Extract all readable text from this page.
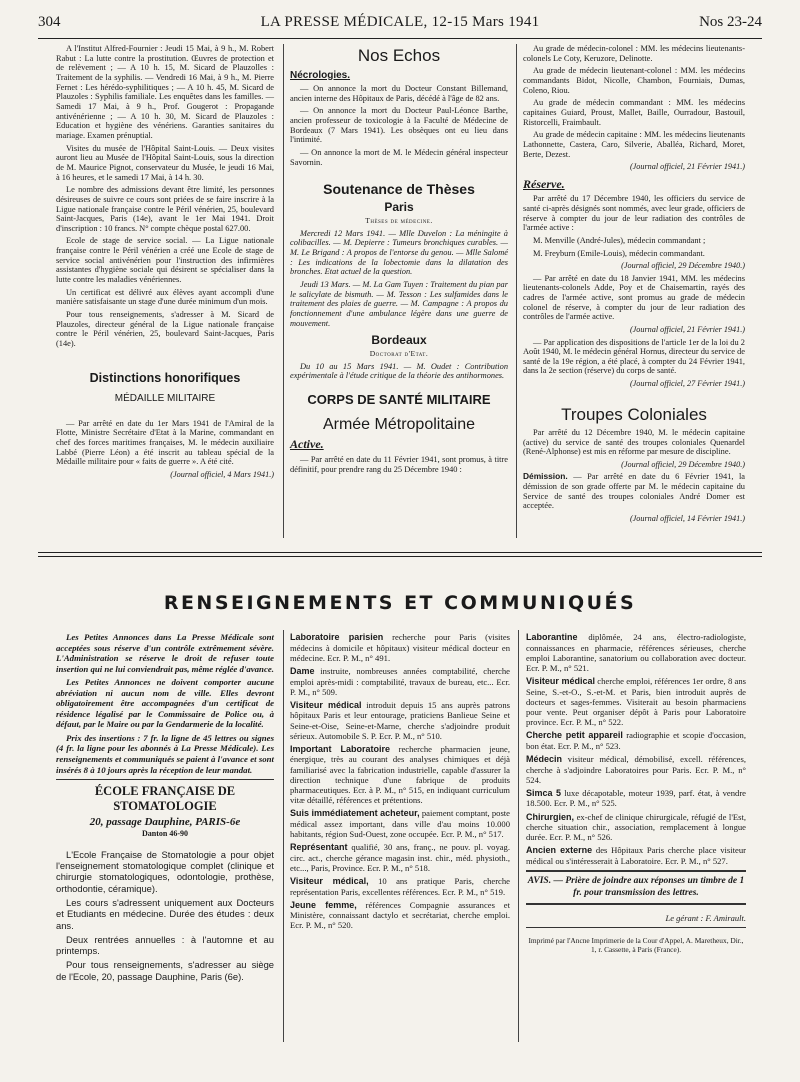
304	LA PRESSE MÉDICALE, 12-15 Mars 1941	Nos 23-24

A l'Institut Alfred-Fournier : Jeudi 15 Mai, à 9 h., M. Robert Rabut : La lutte contre la prostitution. Œuvres de protection et de relèvement ; — A 10 h. 15, M. Sicard de Plauzolles : Traitement de la syphilis. — Vendredi 16 Mai, à 9 h., M. Pierre Fernet : Les hérédo-syphilitiques ; — A 10 h. 45, M. Sicard de Plauzoles : Syphilis familiale. Les enquêtes dans les familles. — Samedi 17 Mai, à 9 h., Prof. Gougerot : Propagande antivénérienne ; — A 10 h. 30, M. Sicard de Plauzoles : Education et hygiène des vénériens. Garanties sanitaires du mariage. Examen prénuptial.

Visites du musée de l'Hôpital Saint-Louis. — Deux visites auront lieu au Musée de l'Hôpital Saint-Louis, sous la direction de M. Maurice Pignot, conservateur du Musée, le jeudi 16 Mai, à 16 heures, et le samedi 17 Mai, à 14 h. 30.

Le nombre des admissions devant être limité, les personnes désireuses de suivre ce cours sont priées de se faire inscrire à la Ligue nationale française contre le Péril vénérien, 25, boulevard Saint-Jacques, Paris (14e), avant le 1er Mai 1941. Droit d'inscription : 10 francs. N° compte chèque postal 627.00.

Ecole de stage de service social. — La Ligue nationale française contre le Péril vénérien a créé une Ecole de stage de service social antivénérien pour l'instruction des infirmières assistantes d'hygiène sociale qui désirent se spécialiser dans la lutte contre les maladies vénériennes.

Un certificat est délivré aux élèves ayant accompli d'une manière satisfaisante un stage d'une durée minimum d'un mois.

Pour tous renseignements, s'adresser à M. Sicard de Plauzoles, directeur général de la Ligue nationale française contre le Péril vénérien, 25, boulevard Saint-Jacques, Paris (14e).

Distinctions honorifiques
MÉDAILLE MILITAIRE

— Par arrêté en date du 1er Mars 1941 de l'Amiral de la Flotte, Ministre Secrétaire d'Etat à la Marine, commandant en chef des forces maritimes françaises, M. le médecin auxiliaire Labbé (Pierre Léon) a été inscrit au tableau spécial de la Médaille militaire pour « faits de guerre ». A été cité.

(Journal officiel, 4 Mars 1941.)
Nos Echos
Nécrologies.

— On annonce la mort du Docteur Constant Billemand, ancien interne des Hôpitaux de Paris, décédé à l'âge de 82 ans.

— On annonce la mort du Docteur Paul-Léonce Barthe, ancien professeur de toxicologie à la Faculté de Médecine de Bordeaux (7 Mars 1941). Les obsèques ont eu lieu dans l'intimité.

— On annonce la mort de M. le Médecin général inspecteur Savornin.

Soutenance de Thèses
Paris
Thèses de médecine.

Mercredi 12 Mars 1941. — Mlle Duvelon : La méningite à colibacilles. — M. Depierre : Tumeurs bronchiques curables. — M. Le Brigand : A propos de l'entorse du genou. — Mlle Salomé : Les indications de la lobectomie dans la dilatation des bronches. Etat actuel de la question.

Jeudi 13 Mars. — M. La Gam Tuyen : Traitement du pian par le salicylate de bismuth. — M. Tesson : Les sulfamides dans le traitement des plaies de guerre. — M. Campagne : A propos du fonctionnement d'une ambulance légère dans une guerre de mouvement.

Bordeaux
Doctorat d'Etat.

Du 10 au 15 Mars 1941. — M. Oudet : Contribution expérimentale à l'étude critique de la théorie des antihormones.

CORPS DE SANTÉ MILITAIRE
Armée Métropolitaine
Active.

— Par arrêté en date du 11 Février 1941, sont promus, à titre définitif, pour prendre rang du 25 Décembre 1940 :

Au grade de médecin-colonel : MM. les médecins lieutenants-colonels Le Coty, Keruzore, Delinotte.

Au grade de médecin lieutenant-colonel : MM. les médecins commandants Bidot, Nicolle, Chambon, Fourniais, Dumas, Coleno, Riou.

Au grade de médecin commandant : MM. les médecins capitaines Guiard, Proust, Mallet, Baille, Ourradour, Bastouil, Ristorcelli, Fraimbault.

Au grade de médecin capitaine : MM. les médecins lieutenants Lathonnette, Castera, Caro, Silverie, Aballéa, Richard, Moret, Berte, Dezest.

(Journal officiel, 21 Février 1941.)
Réserve.

Par arrêté du 17 Décembre 1940, les officiers du service de santé ci-après désignés sont nommés, avec leur grade, officiers de réserve à compter du jour de leur radiation des contrôles de l'armée active :

M. Menville (André-Jules), médecin commandant ;

M. Freyburn (Emile-Louis), médecin commandant.

(Journal officiel, 29 Décembre 1940.)

— Par arrêté en date du 18 Janvier 1941, MM. les médecins lieutenants-colonels Adde, Poy et de Chaisemartin, rayés des cadres de l'armée active, sont promus au grade de médecin colonel de réserve, à compter du jour de leur radiation des contrôles de l'armée active.

(Journal officiel, 21 Février 1941.)

— Par application des dispositions de l'article 1er de la loi du 2 Août 1940, M. le médecin général Hornus, directeur du service de santé de la 19e région, a été placé, à compter du 24 Février 1941, dans la 2e section (réserve) du corps de santé.

(Journal officiel, 27 Février 1941.)
Troupes Coloniales

Par arrêté du 12 Décembre 1940, M. le médecin capitaine (active) du service de santé des troupes coloniales Quenardel (René-Alphonse) est mis en réforme par mesure de discipline.

(Journal officiel, 29 Décembre 1940.)

Démission. — Par arrêté en date du 6 Février 1941, la démission de son grade offerte par M. le médecin capitaine du Service de santé des troupes coloniales André Domer est acceptée.

(Journal officiel, 14 Février 1941.)
RENSEIGNEMENTS ET COMMUNIQUÉS

Les Petites Annonces dans La Presse Médicale sont acceptées sous réserve d'un contrôle extrêmement sévère. L'Administration se réserve le droit de refuser toute insertion qui ne lui conviendrait pas, même réglée d'avance.

Les Petites Annonces ne doivent comporter aucune abréviation ni aucun nom de ville. Elles devront obligatoirement être accompagnées d'un certificat de résidence légalisé par le Commissaire de Police ou, à défaut, par le Maire ou par la Gendarmerie de la localité.

Prix des insertions : 7 fr. la ligne de 45 lettres ou signes (4 fr. la ligne pour les abonnés à La Presse Médicale). Les renseignements et communiqués se paient à l'avance et sont insérés 8 à 10 jours après la réception de leur mandat.

ÉCOLE FRANÇAISE DE STOMATOLOGIE
20, passage Dauphine, PARIS-6e
Danton 46-90

L'Ecole Française de Stomatologie a pour objet l'enseignement stomatologique complet (clinique et chirurgie stomatologiques, odontologie, prothèse, orthodontie, céramique).

Les cours s'adressent uniquement aux Docteurs et Etudiants en médecine. Durée des études : deux ans.

Deux rentrées annuelles : à l'automne et au printemps.

Pour tous renseignements, s'adresser au siège de l'Ecole, 20, passage Dauphine, Paris (6e).

Laboratoire parisien recherche pour Paris (visites médecins à domicile et hôpitaux) visiteur médical docteur en médecine. Ecr. P. M., n° 491.

Dame instruite, nombreuses années comptabilité, cherche emploi après-midi : comptabilité, travaux de bureau, etc... Ecr. P. M., n° 509.

Visiteur médical introduit depuis 15 ans auprès patrons hôpitaux Paris et leur entourage, praticiens Banlieue Seine et Seine-et-Oise, Seine-et-Marne, cherche s'adjoindre produit sérieux. Automobile S. P. Ecr. P. M., n° 510.

Important Laboratoire recherche pharmacien jeune, énergique, très au courant des analyses chimiques et déjà familiarisé avec la fabrication industrielle, capable d'assurer la direction technique d'une fabrique de produits pharmaceutiques. Ecr. à P. M., n° 515, en indiquant curriculum vitæ détaillé, références et prétentions.

Suis immédiatement acheteur, paiement comptant, poste médical assez important, dans ville d'au moins 10.000 habitants, région Sud-Ouest, zone occupée. Ecr. P. M., n° 517.

Représentant qualifié, 30 ans, franç., ne pouv. pl. voyag. circ. act., cherche gérance magasin inst. chir., méd. physioth., etc..., Paris, Province. Ecr. P. M., n° 518.

Visiteur médical, 10 ans pratique Paris, cherche représentation Paris, excellentes références. Ecr. P. M., n° 519.

Jeune femme, références Compagnie assurances et Ministère, connaissant dactylo et secrétariat, cherche emploi. Ecr. P. M., n° 520.

Laborantine diplômée, 24 ans, électro-radiologiste, connaissances en pharmacie, références sérieuses, cherche emploi Laborantine, sanatorium ou collaboration avec docteur. Ecr. P. M., n° 521.

Visiteur médical cherche emploi, références 1er ordre, 8 ans Seine, S.-et-O., S.-et-M. et Paris, bien introduit auprès de docteurs et sages-femmes. Visiterait au besoin pharmaciens pour vente. Peut organiser dépôt à Paris pour Laboratoire province. Ecr. P. M., n° 522.

Cherche petit appareil radiographie et scopie d'occasion, bon état. Ecr. P. M., n° 523.

Médecin visiteur médical, démobilisé, excell. références, cherche à s'adjoindre Laboratoires pour Paris. Ecr. P. M., n° 524.

Simca 5 luxe décapotable, moteur 1939, parf. état, à vendre 18.500. Ecr. P. M., n° 525.

Chirurgien, ex-chef de clinique chirurgicale, réfugié de l'Est, cherche situation chir., association, remplacement à longue durée. Ecr. P. M., n° 526.

Ancien externe des Hôpitaux Paris cherche place visiteur médical ou s'intéresserait à Laboratoire. Ecr. P. M., n° 527.

AVIS. — Prière de joindre aux réponses un timbre de 1 fr. pour transmission des lettres.
Le gérant : F. Amirault.
Imprimé par l'Ancne Imprimerie de la Cour d'Appel, A. Maretheux, Dir., 1, r. Cassette, à Paris (France).
